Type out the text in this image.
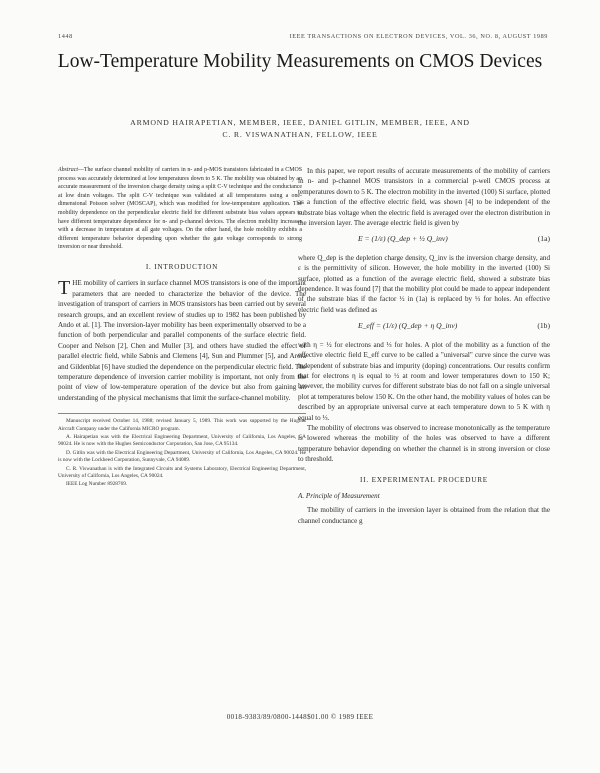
1448	IEEE TRANSACTIONS ON ELECTRON DEVICES, VOL. 36, NO. 8, AUGUST 1989
Low-Temperature Mobility Measurements on CMOS Devices
ARMOND HAIRAPETIAN, MEMBER, IEEE, DANIEL GITLIN, MEMBER, IEEE, AND
C. R. VISWANATHAN, FELLOW, IEEE

Abstract—The surface channel mobility of carriers in n- and p-MOS transistors fabricated in a CMOS process was accurately determined at low temperatures down to 5 K. The mobility was obtained by an accurate measurement of the inversion charge density using a split C-V technique and the conductance at low drain voltages. The split C-V technique was validated at all temperatures using a one-dimensional Poisson solver (MOSCAP), which was modified for low-temperature application. The mobility dependence on the perpendicular electric field for different substrate bias values appears to have different temperature dependence for n- and p-channel devices. The electron mobility increases with a decrease in temperature at all gate voltages. On the other hand, the hole mobility exhibits a different temperature behavior depending upon whether the gate voltage corresponds to strong inversion or near threshold.

I. INTRODUCTION

THE mobility of carriers in surface channel MOS transistors is one of the important parameters that are needed to characterize the behavior of the device. The investigation of transport of carriers in MOS transistors has been carried out by several research groups, and an excellent review of studies up to 1982 has been published by Ando et al. [1]. The inversion-layer mobility has been experimentally observed to be a function of both perpendicular and parallel components of the surface electric field. Cooper and Nelson [2], Chen and Muller [3], and others have studied the effect of parallel electric field, while Sabnis and Clemens [4], Sun and Plummer [5], and Arora and Gildenblat [6] have studied the dependence on the perpendicular electric field. The temperature dependence of inversion carrier mobility is important, not only from the point of view of low-temperature operation of the device but also from gaining an understanding of the physical mechanisms that limit the surface-channel mobility.

Manuscript received October 14, 1988; revised January 5, 1989. This work was supported by the Hughes Aircraft Company under the California MICRO program.

A. Hairapetian was with the Electrical Engineering Department, University of California, Los Angeles, CA 90024. He is now with the Hughes Semiconductor Corporation, San Jose, CA 95134.

D. Gitlin was with the Electrical Engineering Department, University of California, Los Angeles, CA 90024. He is now with the Lockheed Corporation, Sunnyvale, CA 94089.

C. R. Viswanathan is with the Integrated Circuits and Systems Laboratory, Electrical Engineering Department, University of California, Los Angeles, CA 90024.

IEEE Log Number 8928769.

In this paper, we report results of accurate measurements of the mobility of carriers in n- and p-channel MOS transistors in a commercial p-well CMOS process at temperatures down to 5 K. The electron mobility in the inverted (100) Si surface, plotted as a function of the effective electric field, was shown [4] to be independent of the substrate bias voltage when the electric field is averaged over the electron distribution in the inversion layer. The average electric field is given by

E = (1/ε) (Q_dep + ½ Q_inv)	(1a)

where Q_dep is the depletion charge density, Q_inv is the inversion charge density, and ε is the permittivity of silicon. However, the hole mobility in the inverted (100) Si surface, plotted as a function of the average electric field, showed a substrate bias dependence. It was found [7] that the mobility plot could be made to appear independent of the substrate bias if the factor ½ in (1a) is replaced by ⅓ for holes. An effective electric field was defined as

E_eff = (1/ε) (Q_dep + η Q_inv)	(1b)

with η = ½ for electrons and ⅓ for holes. A plot of the mobility as a function of the effective electric field E_eff curve to be called a "universal" curve since the curve was independent of substrate bias and impurity (doping) concentrations. Our results confirm that for electrons η is equal to ½ at room and lower temperatures down to 150 K; however, the mobility curves for different substrate bias do not fall on a single universal plot at temperatures below 150 K. On the other hand, the mobility values of holes can be described by an appropriate universal curve at each temperature down to 5 K with η equal to ⅓.

The mobility of electrons was observed to increase monotonically as the temperature is lowered whereas the mobility of the holes was observed to have a different temperature behavior depending on whether the channel is in strong inversion or close to threshold.

II. EXPERIMENTAL PROCEDURE
A. Principle of Measurement

The mobility of carriers in the inversion layer is obtained from the relation that the channel conductance g

0018-9383/89/0800-1448$01.00 © 1989 IEEE
